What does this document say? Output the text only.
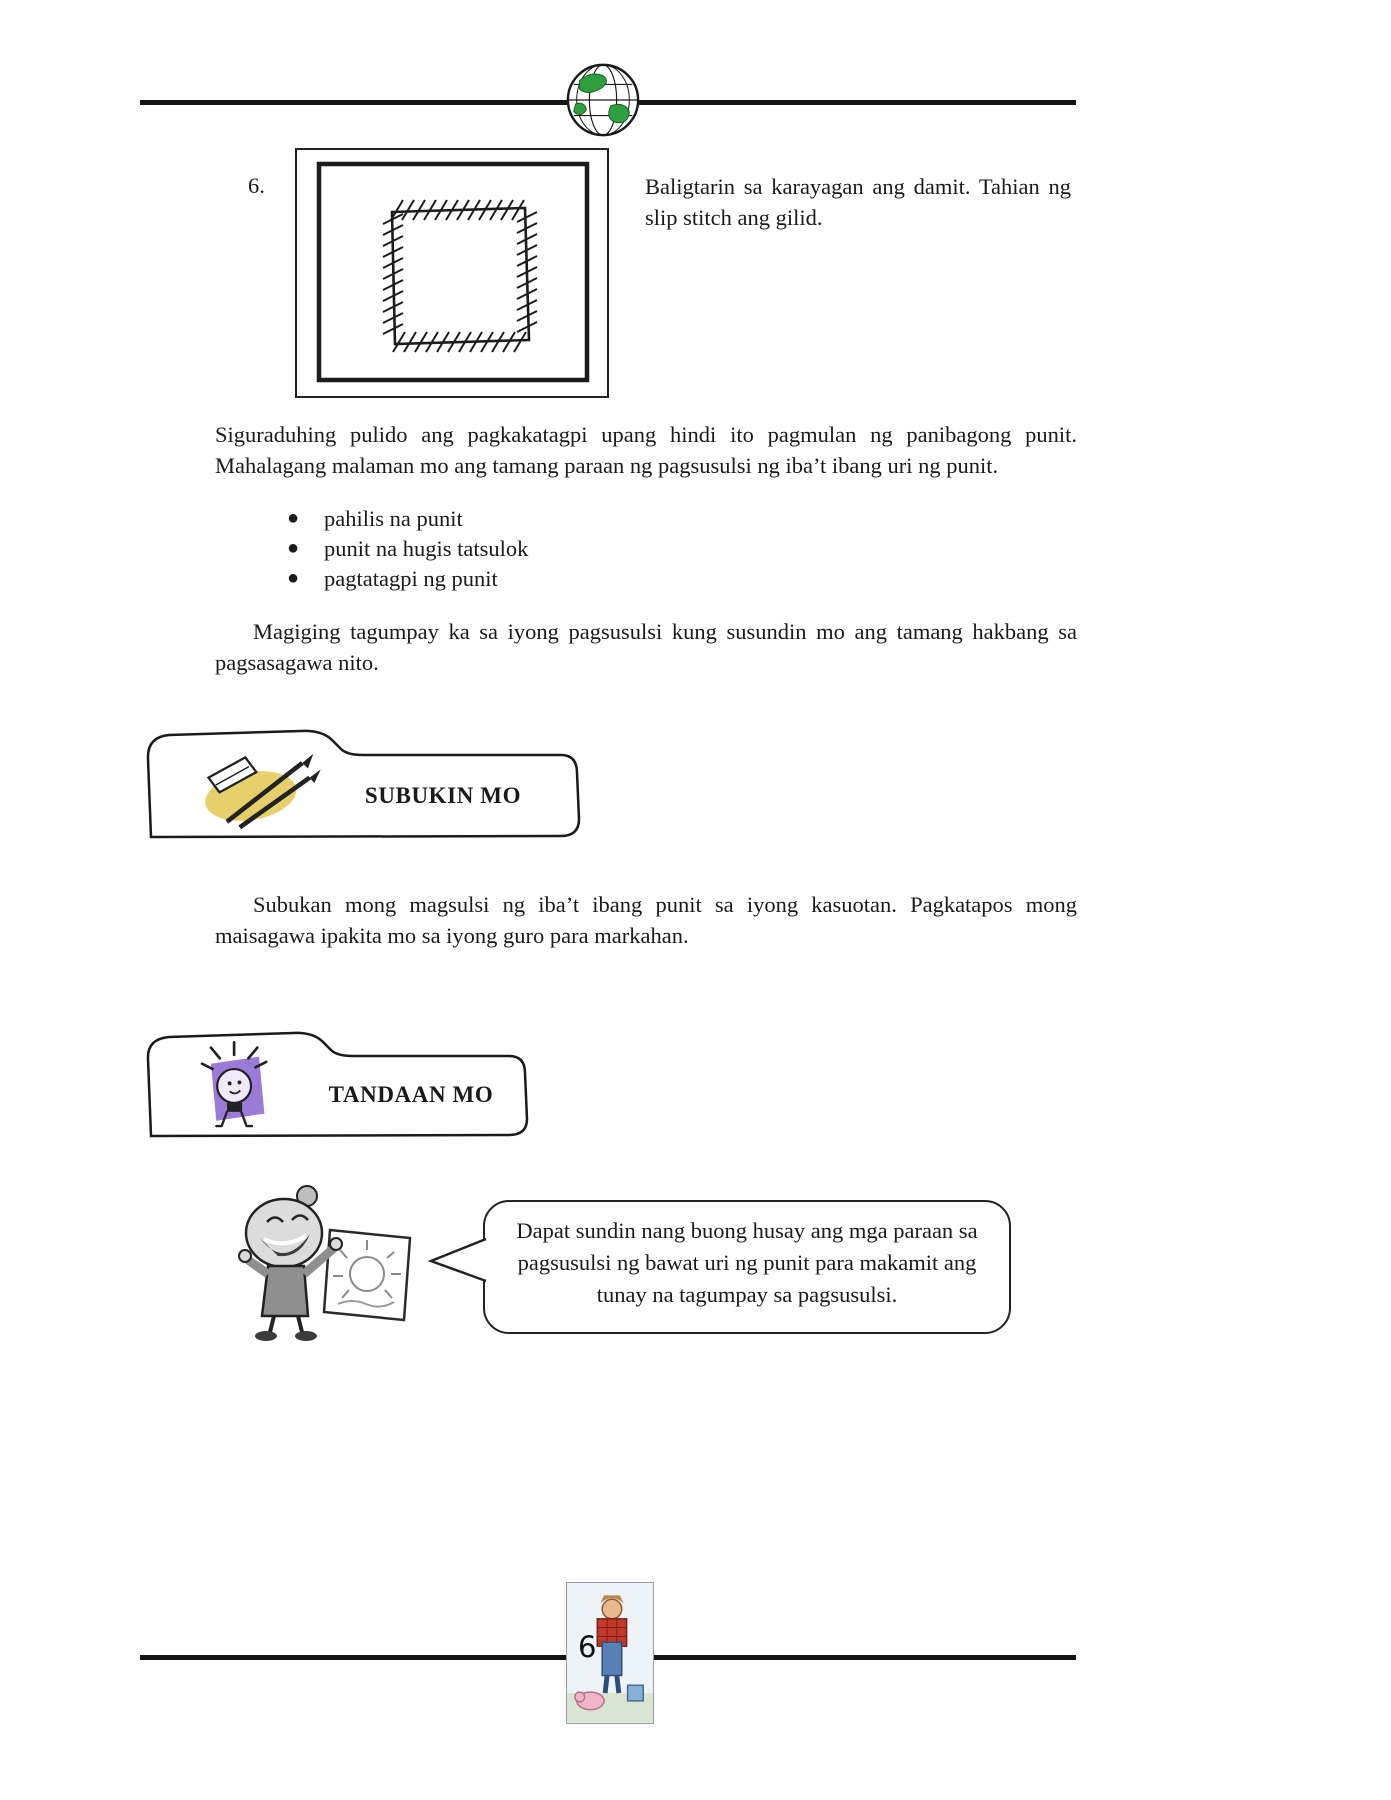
6.	Baligtarin sa karayagan ang damit. Tahian ng slip stitch ang gilid.
Siguraduhing pulido ang pagkakatagpi upang hindi ito pagmulan ng panibagong punit. Mahalagang malaman mo ang tamang paraan ng pagsusulsi ng iba’t ibang uri ng punit.
● pahilis na punit
● punit na hugis tatsulok
● pagtatagpi ng punit
Magiging tagumpay ka sa iyong pagsusulsi kung susundin mo ang tamang hakbang sa pagsasagawa nito.
SUBUKIN MO
Subukan mong magsulsi ng iba’t ibang punit sa iyong kasuotan. Pagkatapos mong maisagawa ipakita mo sa iyong guro para markahan.
TANDAAN MO
Dapat sundin nang buong husay ang mga paraan sa pagsusulsi ng bawat uri ng punit para makamit ang tunay na tagumpay sa pagsusulsi.
6
